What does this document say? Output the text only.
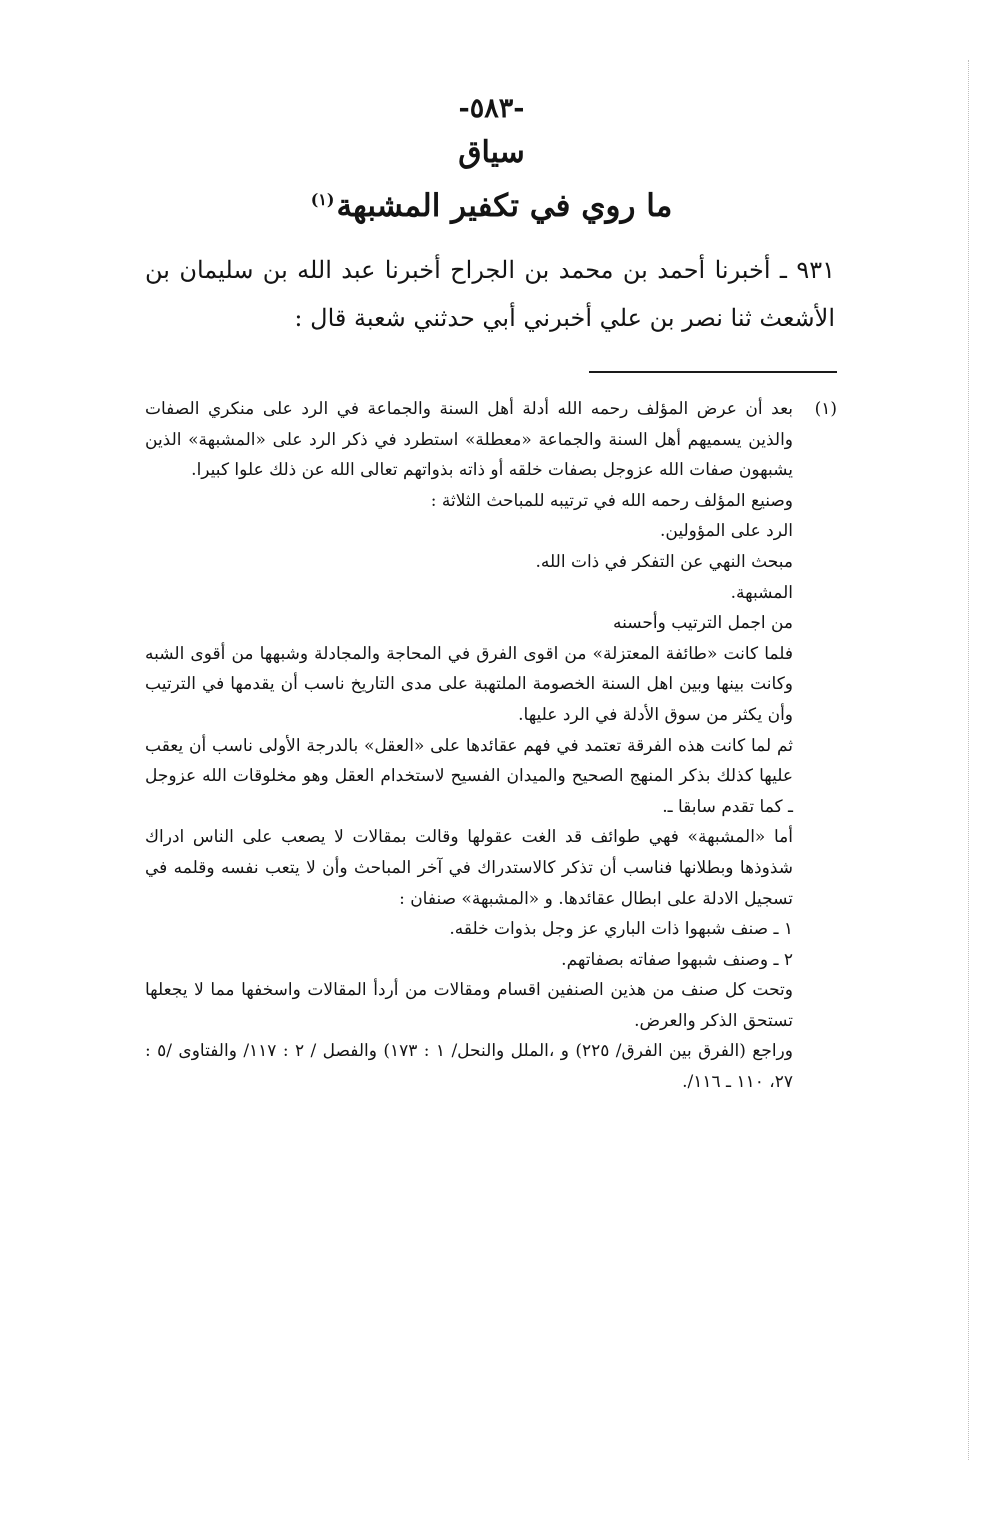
-٥٨٣-
سياق
ما روي في تكفير المشبهة$^{(١)}$

٩٣١ ـ أخبرنا أحمد بن محمد بن الجراح أخبرنا عبد الله بن سليمان بن الأشعث ثنا نصر بن علي أخبرني أبي حدثني شعبة قال :

(١)

بعد أن عرض المؤلف رحمه الله أدلة أهل السنة والجماعة في الرد على منكري الصفات والذين يسميهم أهل السنة والجماعة «معطلة» استطرد في ذكر الرد على «المشبهة» الذين يشبهون صفات الله عزوجل بصفات خلقه أو ذاته بذواتهم تعالى الله عن ذلك علوا كبيرا.

وصنيع المؤلف رحمه الله في ترتيبه للمباحث الثلاثة :

الرد على المؤولين.

مبحث النهي عن التفكر في ذات الله.

المشبهة.

من اجمل الترتيب وأحسنه

فلما كانت «طائفة المعتزلة» من اقوى الفرق في المحاجة والمجادلة وشبهها من أقوى الشبه وكانت بينها وبين اهل السنة الخصومة الملتهبة على مدى التاريخ ناسب أن يقدمها في الترتيب وأن يكثر من سوق الأدلة في الرد عليها.

ثم لما كانت هذه الفرقة تعتمد في فهم عقائدها على «العقل» بالدرجة الأولى ناسب أن يعقب عليها كذلك بذكر المنهج الصحيح والميدان الفسيح لاستخدام العقل وهو مخلوقات الله عزوجل ـ كما تقدم سابقا ـ.

أما «المشبهة» فهي طوائف قد الغت عقولها وقالت بمقالات لا يصعب على الناس ادراك شذوذها وبطلانها فناسب أن تذكر كالاستدراك في آخر المباحث وأن لا يتعب نفسه وقلمه في تسجيل الادلة على ابطال عقائدها. و «المشبهة» صنفان :

١ ـ صنف شبهوا ذات الباري عز وجل بذوات خلقه.

٢ ـ وصنف شبهوا صفاته بصفاتهم.

وتحت كل صنف من هذين الصنفين اقسام ومقالات من أردأ المقالات واسخفها مما لا يجعلها تستحق الذكر والعرض.

وراجع (الفرق بين الفرق/ ٢٢٥) و ،الملل والنحل/ ١ : ١٧٣) والفصل / ٢ : ١١٧/ والفتاوى /٥ : ٢٧، ١١٠ ـ ١١٦/.
